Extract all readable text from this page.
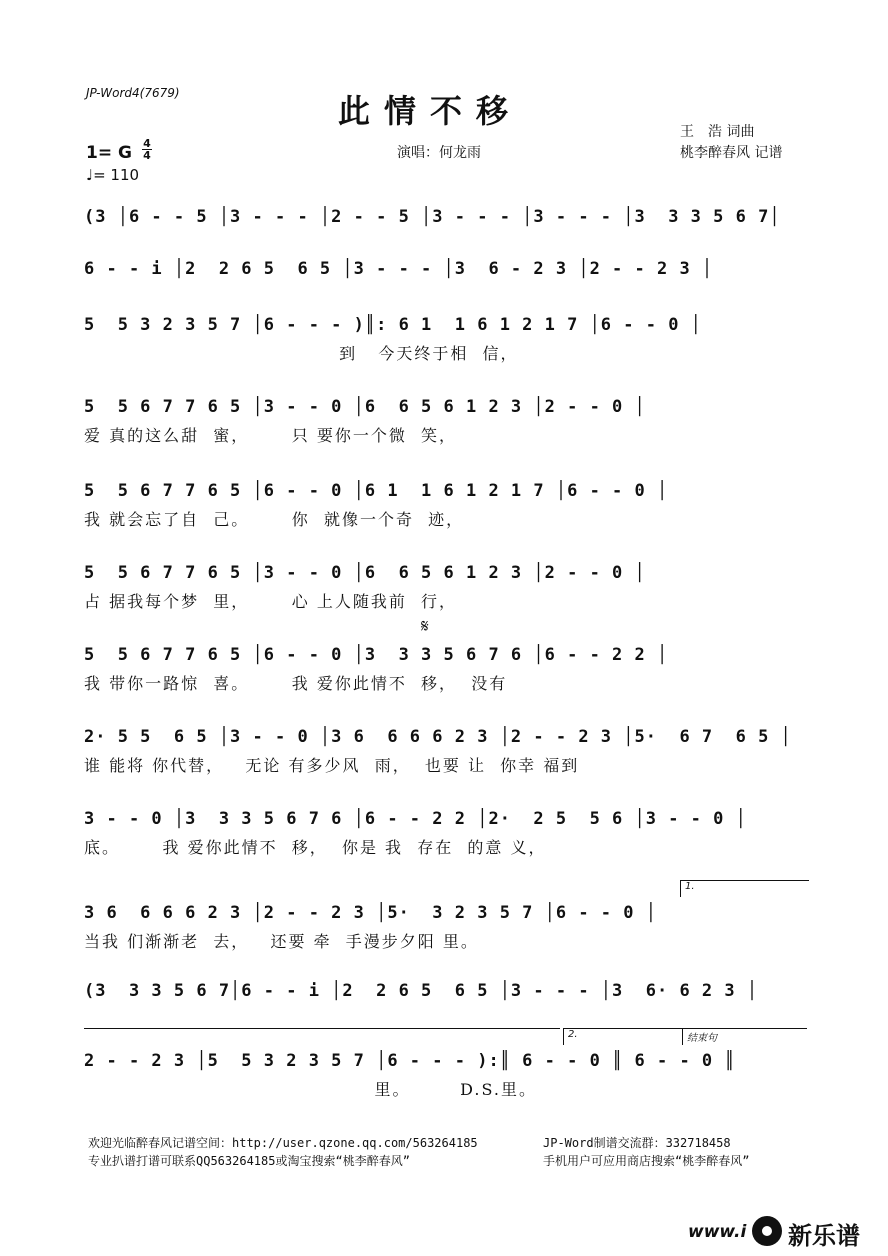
JP-Word4(7679)	此情不移
演唱：何龙雨
王　浩 词曲
桃李醉春风 记谱
1= G 4
4
♩= 110
(3 │6 - - 5 │3 - - - │2 - - 5 │3 - - - │3 - - - │3  3 3 5 6 7│
6 - - i │2  2 6 5  6 5 │3 - - - │3  6 - 2 3 │2 - - 2 3 │
5  5 3 2 3 5 7 │6 - - - )║: 6 1  1 6 1 2 1 7 │6 - - 0 │
到   今天终于相  信，
5  5 6 7 7 6 5 │3 - - 0 │6  6 5 6 1 2 3 │2 - - 0 │
爱 真的这么甜  蜜，      只 要你一个微  笑，
5  5 6 7 7 6 5 │6 - - 0 │6 1  1 6 1 2 1 7 │6 - - 0 │
我 就会忘了自  己。      你  就像一个奇  迹，
5  5 6 7 7 6 5 │3 - - 0 │6  6 5 6 1 2 3 │2 - - 0 │
占 据我每个梦  里，      心 上人随我前  行，
5  5 6 7 7 6 5 │6 - - 0 │3  3 3 5 6 7 6 │6 - - 2 2 │
我 带你一路惊  喜。      我 爱你此情不  移，  没有
2· 5 5  6 5 │3 - - 0 │3 6  6 6 6 2 3 │2 - - 2 3 │5·  6 7  6 5 │
谁 能将 你代替，   无论 有多少风  雨，  也要 让  你幸 福到
3 - - 0 │3  3 3 5 6 7 6 │6 - - 2 2 │2·  2 5  5 6 │3 - - 0 │
底。      我 爱你此情不  移，  你是 我  存在  的意 义，
3 6  6 6 6 2 3 │2 - - 2 3 │5·  3 2 3 5 7 │6 - - 0 │
当我 们渐渐老  去，   还要 牵  手漫步夕阳 里。
(3  3 3 5 6 7│6 - - i │2  2 6 5  6 5 │3 - - - │3  6· 6 2 3 │
2 - - 2 3 │5  5 3 2 3 5 7 │6 - - - ):║ 6 - - 0 ║ 6 - - 0 ║
里。       D.S.里。
𝄋
1.
2.	结束句
欢迎光临醉春风记谱空间：http://user.qzone.qq.com/563264185	JP-Word制谱交流群：332718458
专业扒谱打谱可联系QQ563264185或淘宝搜索“桃李醉春风”	手机用户可应用商店搜索“桃李醉春风”
www.i 新乐谱
